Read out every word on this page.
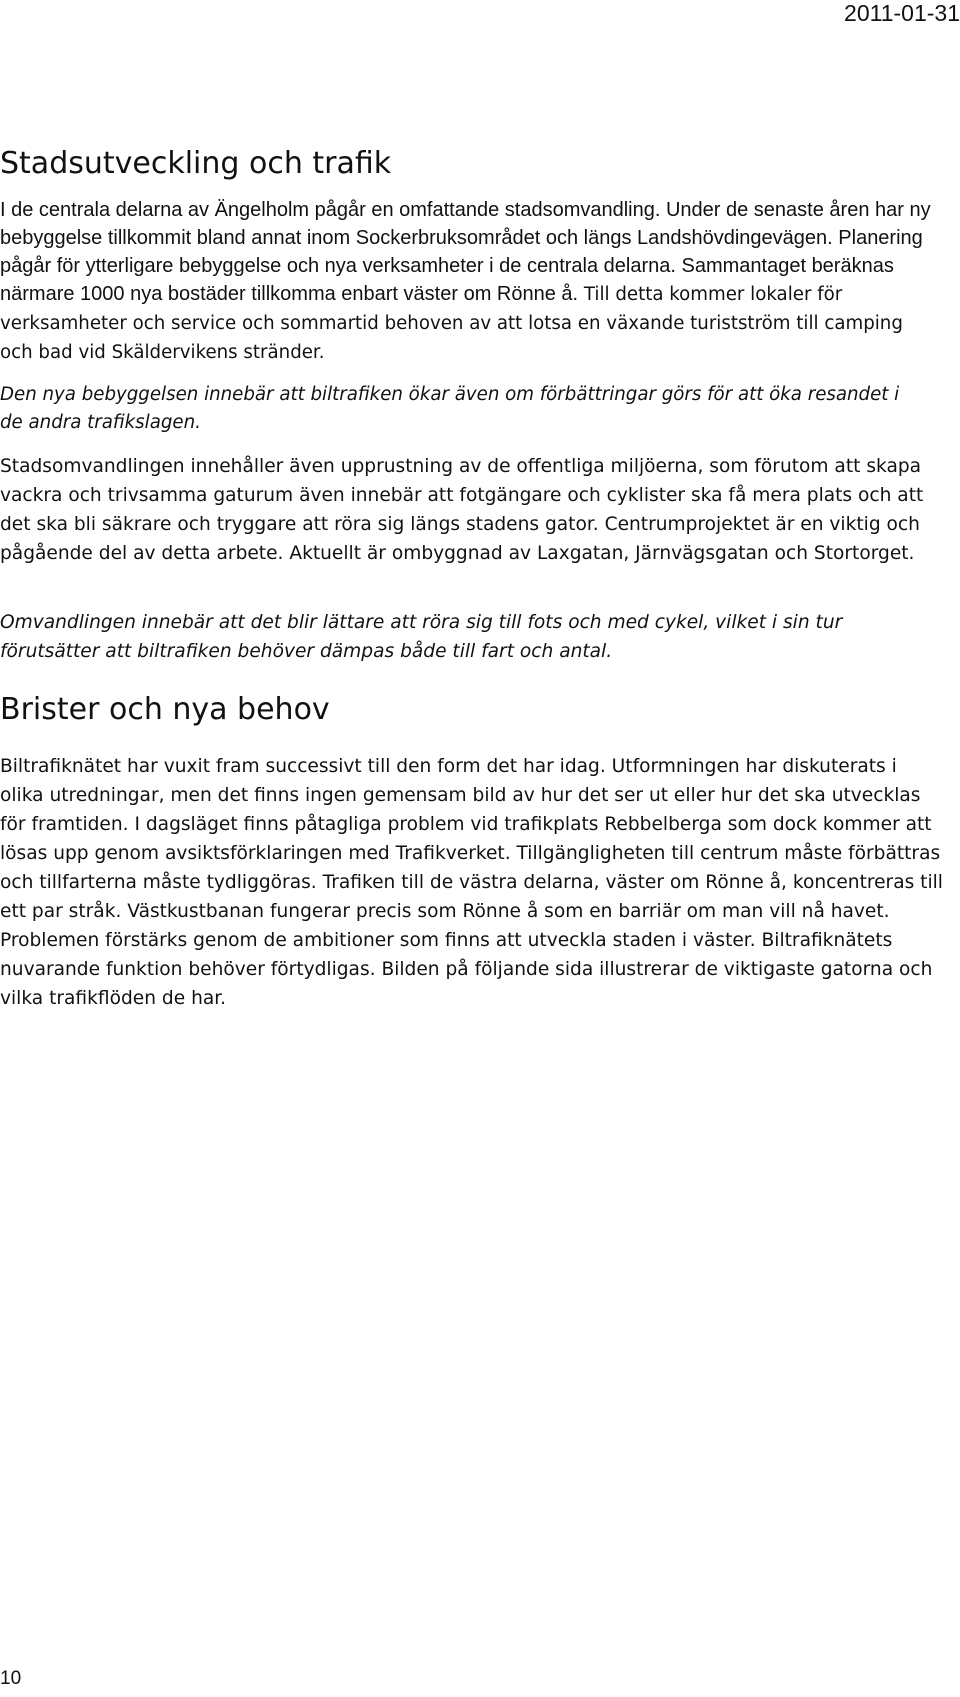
2011-01-31
Stadsutveckling och trafik

I de centrala delarna av Ängelholm pågår en omfattande stadsomvandling. Under de senaste åren har ny bebyggelse tillkommit bland annat inom Sockerbruksområdet och längs Landshövdingevägen. Planering pågår för ytterligare bebyggelse och nya verksamheter i de centrala delarna. Sammantaget beräknas närmare 1000 nya bostäder tillkomma enbart väster om Rönne å. Till detta kommer lokaler för verksamheter och service och sommartid behoven av att lotsa en växande turistström till camping och bad vid Skäldervikens stränder.

Den nya bebyggelsen innebär att biltrafiken ökar även om förbättringar görs för att öka resandet i de andra trafikslagen.

Stadsomvandlingen innehåller även upprustning av de offentliga miljöerna, som förutom att skapa vackra och trivsamma gaturum även innebär att fotgängare och cyklister ska få mera plats och att det ska bli säkrare och tryggare att röra sig längs stadens gator. Centrumprojektet är en viktig och pågående del av detta arbete. Aktuellt är ombyggnad av Laxgatan, Järnvägsgatan och Stortorget.

Omvandlingen innebär att det blir lättare att röra sig till fots och med cykel, vilket i sin tur förutsätter att biltrafiken behöver dämpas både till fart och antal.

Brister och nya behov

Biltrafiknätet har vuxit fram successivt till den form det har idag. Utformningen har diskuterats i olika utredningar, men det finns ingen gemensam bild av hur det ser ut eller hur det ska utvecklas för framtiden. I dagsläget finns påtagliga problem vid trafikplats Rebbelberga som dock kommer att lösas upp genom avsiktsförklaringen med Trafikverket. Tillgängligheten till centrum måste förbättras och tillfarterna måste tydliggöras. Trafiken till de västra delarna, väster om Rönne å, koncentreras till ett par stråk. Västkustbanan fungerar precis som Rönne å som en barriär om man vill nå havet. Problemen förstärks genom de ambitioner som finns att utveckla staden i väster. Biltrafiknätets nuvarande funktion behöver förtydligas. Bilden på följande sida illustrerar de viktigaste gatorna och vilka trafikflöden de har.

10
